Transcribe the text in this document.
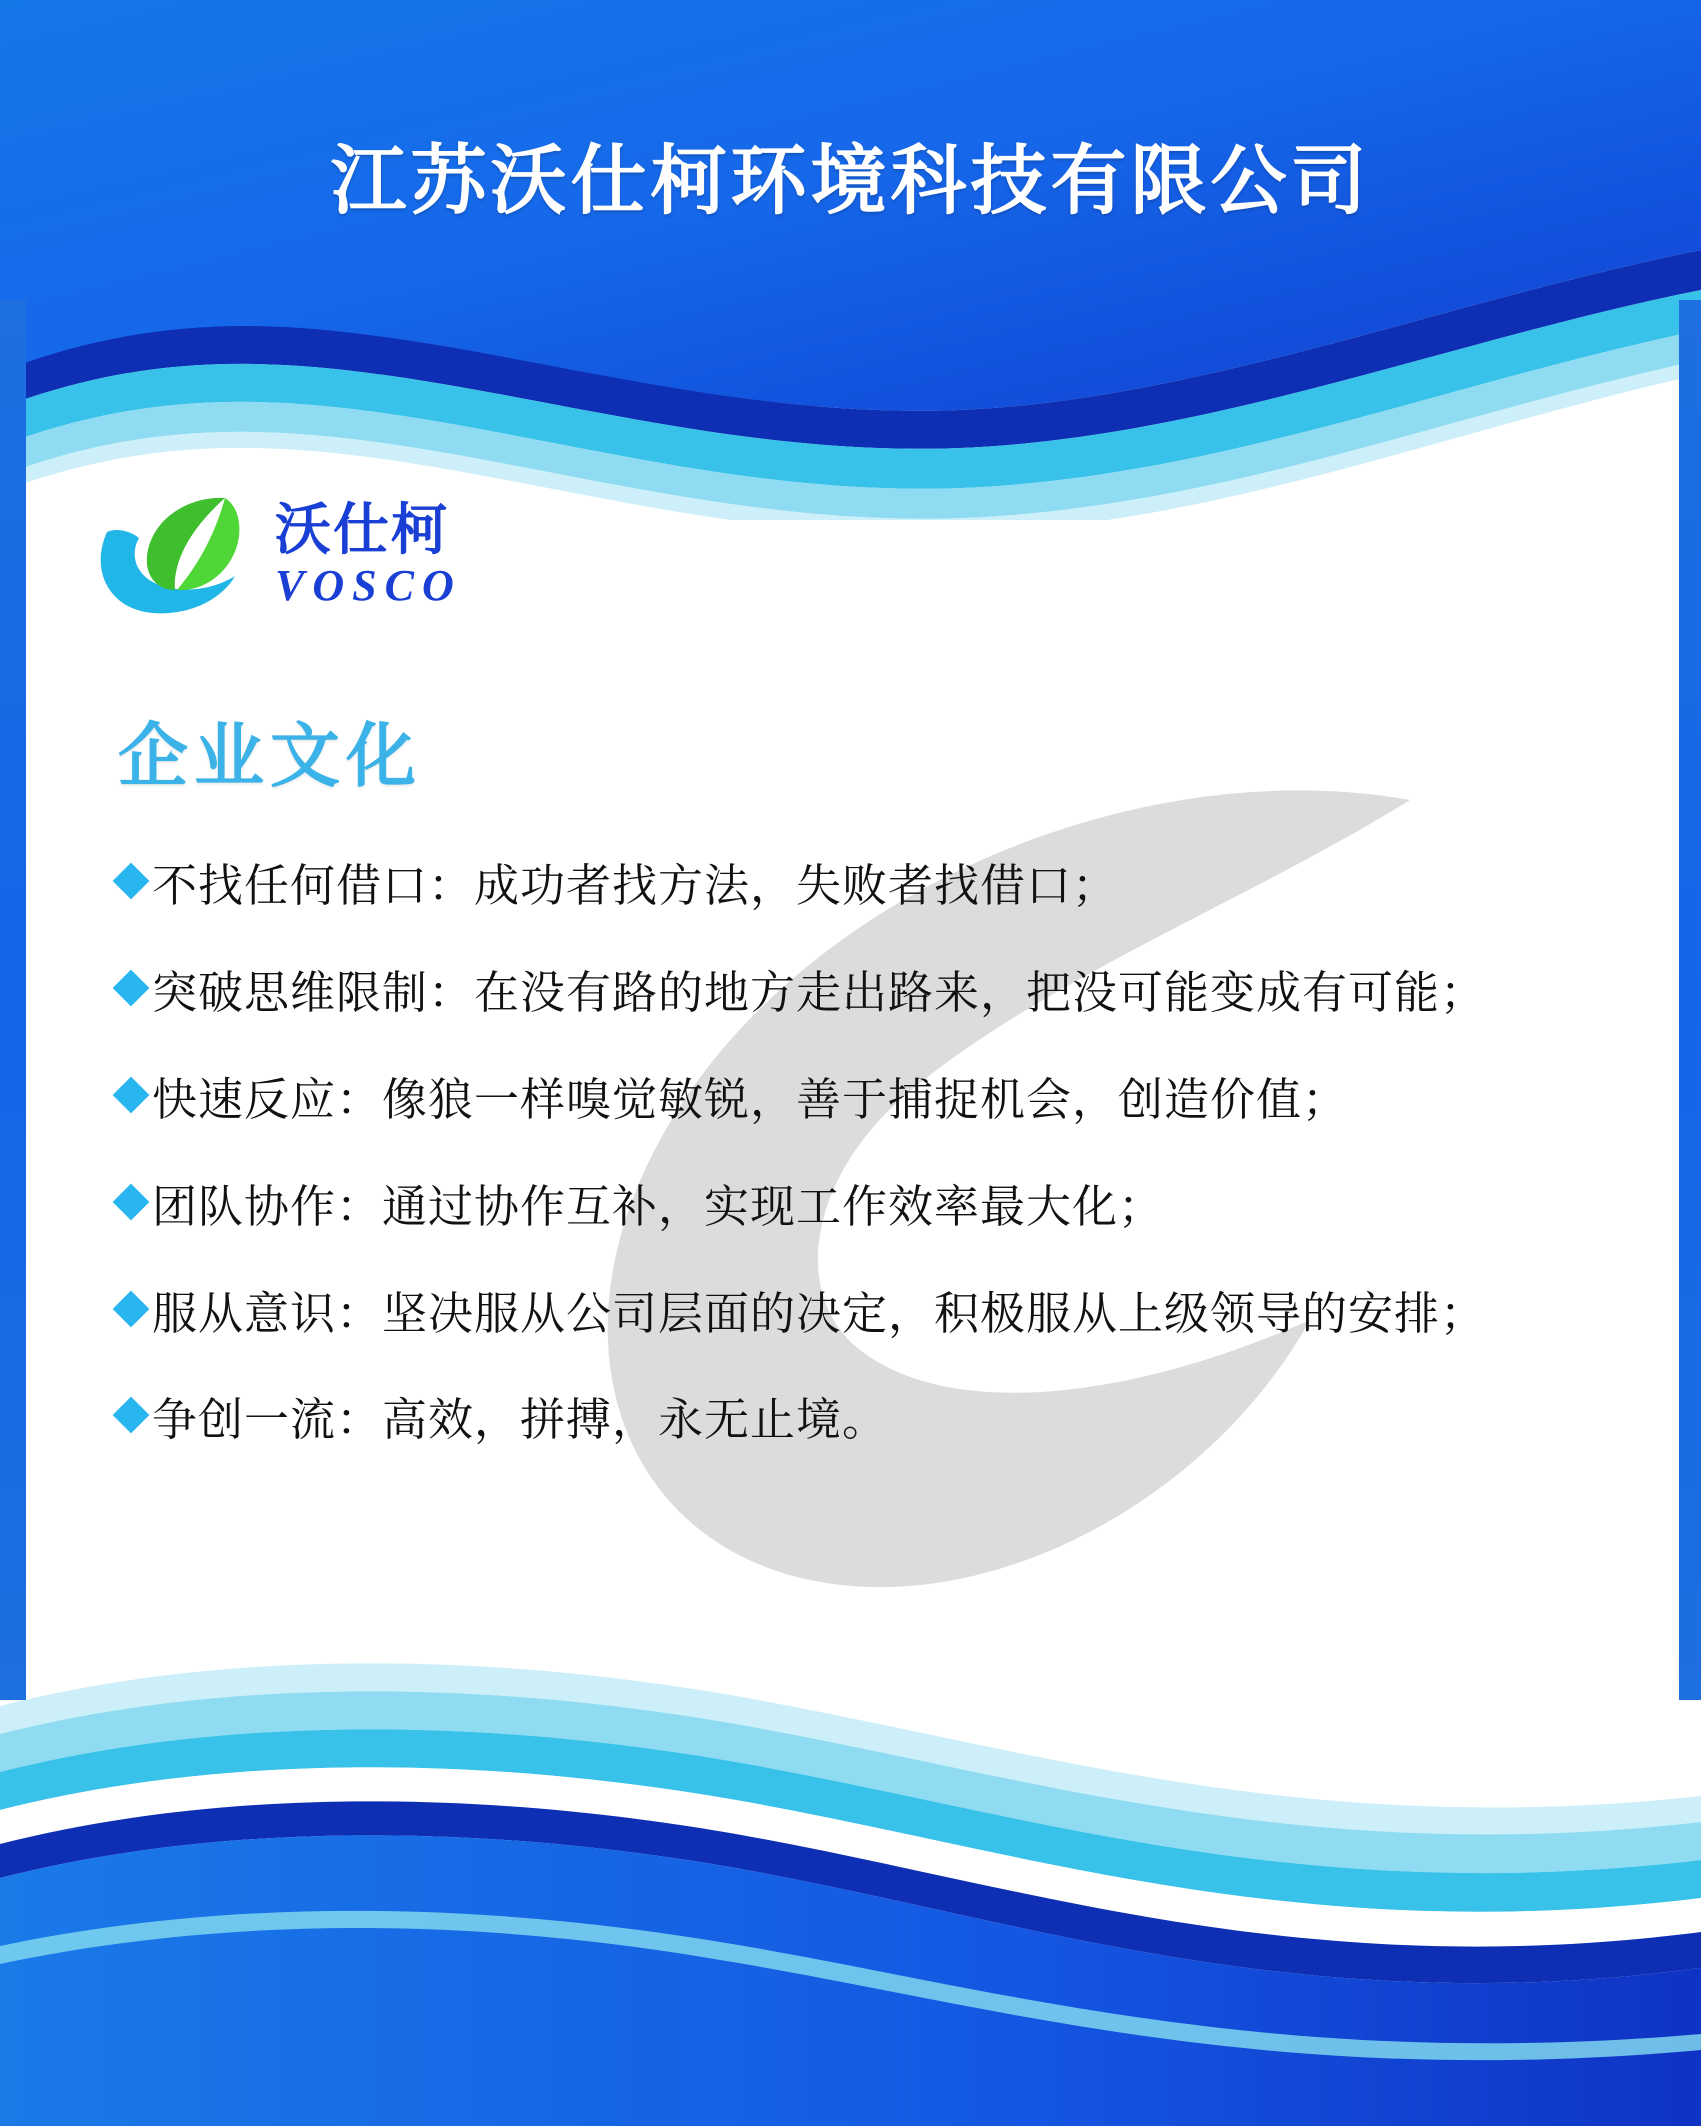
江苏沃仕柯环境科技有限公司
沃仕柯
VOSCO
企业文化
不找任何借口：成功者找方法，失败者找借口；
突破思维限制：在没有路的地方走出路来，把没可能变成有可能；
快速反应：像狼一样嗅觉敏锐，善于捕捉机会，创造价值；
团队协作：通过协作互补，实现工作效率最大化；
服从意识：坚决服从公司层面的决定，积极服从上级领导的安排；
争创一流：高效，拼搏，永无止境。
